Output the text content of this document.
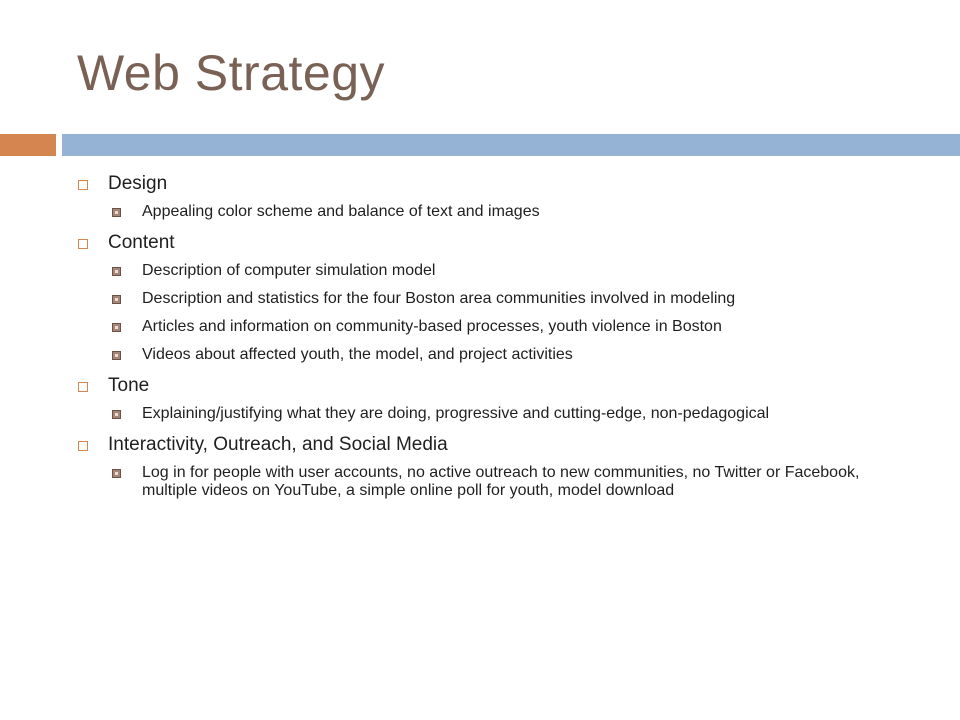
Web Strategy
Design
Appealing color scheme and balance of text and images
Content
Description of computer simulation model
Description and statistics for the four Boston area communities involved in modeling
Articles and information on community-based processes, youth violence in Boston
Videos about affected youth, the model, and project activities
Tone
Explaining/justifying what they are doing, progressive and cutting-edge, non-pedagogical
Interactivity, Outreach, and Social Media
Log in for people with user accounts, no active outreach to new communities, no Twitter or Facebook, multiple videos on YouTube, a simple online poll for youth, model download
